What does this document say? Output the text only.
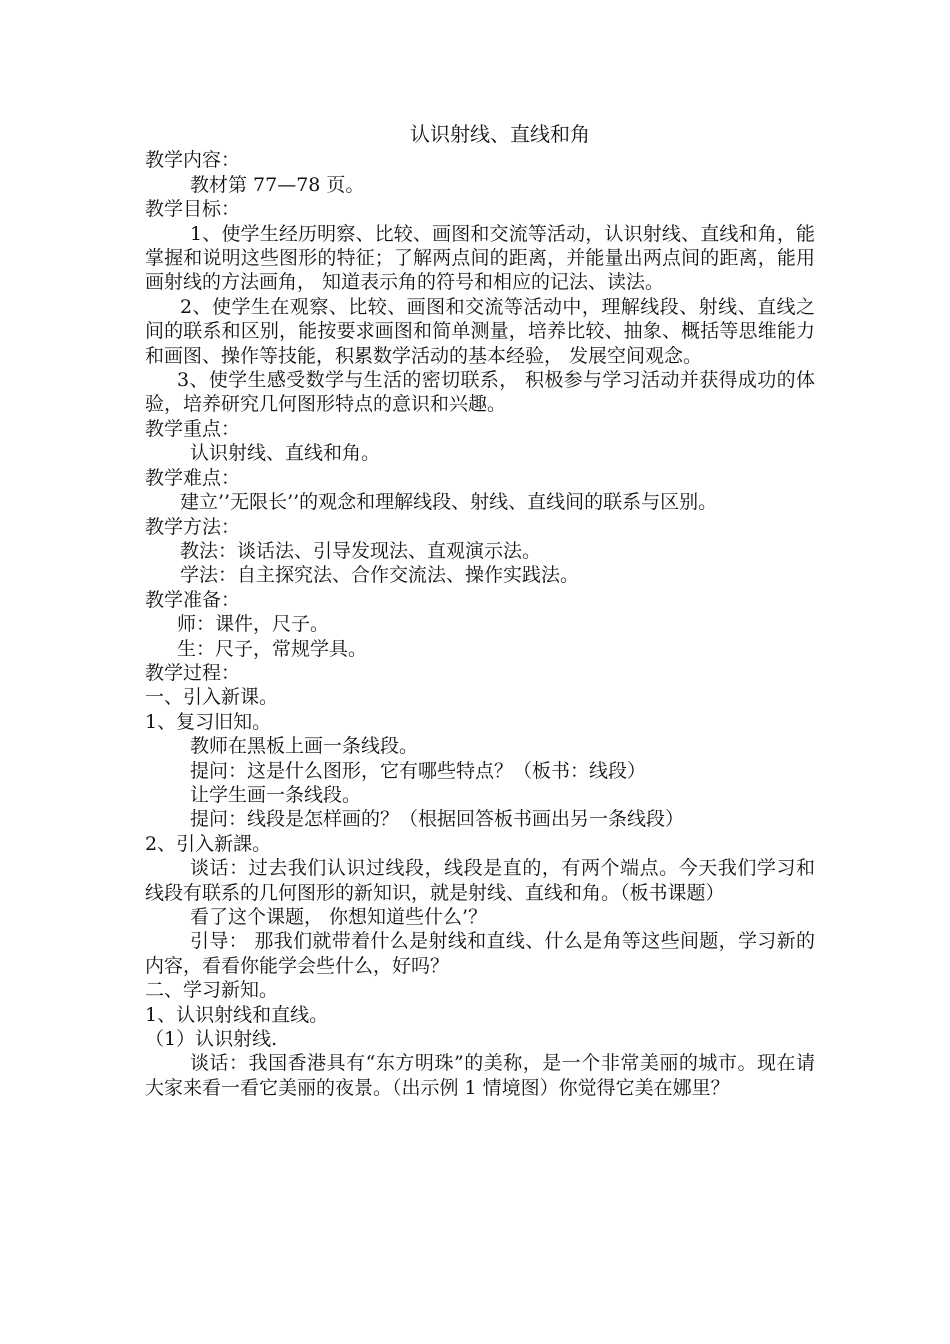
认识射线、直线和角

教学内容：

教材第 77—78 页。

教学目标：

1、使学生经历明察、比较、画图和交流等活动，认识射线、直线和角，能掌握和说明这些图形的特征；了解两点间的距离，并能量出两点间的距离，能用画射线的方法画角， 知道表示角的符号和相应的记法、读法。

2、使学生在观察、比较、画图和交流等活动中，理解线段、射线、直线之间的联系和区别，能按要求画图和简单测量，培养比较、抽象、概括等思维能力和画图、操作等技能，积累数学活动的基本经验， 发展空间观念。

3、使学生感受数学与生活的密切联系， 积极参与学习活动并获得成功的体验，培养研究几何图形特点的意识和兴趣。

教学重点：

认识射线、直线和角。

教学难点：

建立’’无限长’’的观念和理解线段、射线、直线间的联系与区别。

教学方法：

教法：谈话法、引导发现法、直观演示法。

学法：自主探究法、合作交流法、操作实践法。

教学准备：

师：课件，尺子。

生：尺子，常规学具。

教学过程：

一、引入新课。

1、复习旧知。

教师在黑板上画一条线段。

提问：这是什么图形，它有哪些特点？（板书：线段）

让学生画一条线段。

提问：线段是怎样画的？（根据回答板书画出另一条线段）

2、引入新課。

谈话：过去我们认识过线段，线段是直的，有两个端点。今天我们学习和线段有联系的几何图形的新知识，就是射线、直线和角。（板书课题）

看了这个课题， 你想知道些什么’？

引导： 那我们就带着什么是射线和直线、什么是角等这些间题，学习新的内容，看看你能学会些什么，好吗？

二、学习新知。

1、认识射线和直线。

（1）认识射线.

谈话：我国香港具有“东方明珠”的美称，是一个非常美丽的城市。现在请大家来看一看它美丽的夜景。（出示例 1 情境图）你觉得它美在娜里？
